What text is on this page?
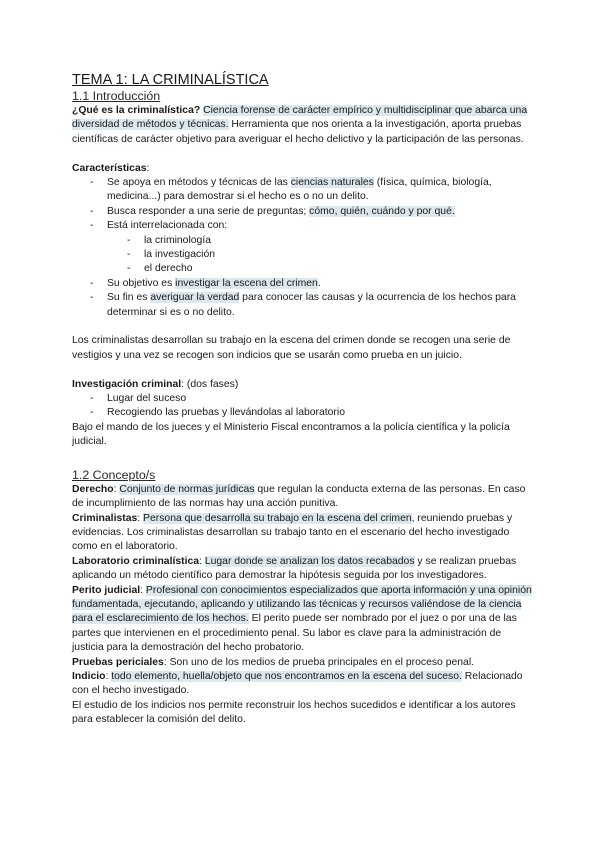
TEMA 1: LA CRIMINALÍSTICA
1.1 Introducción

¿Qué es la criminalística? Ciencia forense de carácter empírico y multidisciplinar que abarca una diversidad de métodos y técnicas. Herramienta que nos orienta a la investigación, aporta pruebas científicas de carácter objetivo para averiguar el hecho delictivo y la participación de las personas.

Características:

- Se apoya en métodos y técnicas de las ciencias naturales (física, química, biología, medicina...) para demostrar si el hecho es o no un delito.
- Busca responder a una serie de preguntas; cómo, quién, cuándo y por qué.
- Está interrelacionada con:
- la criminología
- la investigación
- el derecho
- Su objetivo es investigar la escena del crimen.
- Su fin es averiguar la verdad para conocer las causas y la ocurrencia de los hechos para determinar si es o no delito.

Los criminalistas desarrollan su trabajo en la escena del crimen donde se recogen una serie de vestigios y una vez se recogen son indicios que se usarán como prueba en un juicio.

Investigación criminal: (dos fases)

- Lugar del suceso
- Recogiendo las pruebas y llevándolas al laboratorio

Bajo el mando de los jueces y el Ministerio Fiscal encontramos a la policía científica y la policía judicial.

1.2 Concepto/s

Derecho: Conjunto de normas jurídicas que regulan la conducta externa de las personas. En caso de incumplimiento de las normas hay una acción punitiva.

Criminalistas: Persona que desarrolla su trabajo en la escena del crimen, reuniendo pruebas y evidencias. Los criminalistas desarrollan su trabajo tanto en el escenario del hecho investigado como en el laboratorio.

Laboratorio criminalística: Lugar donde se analizan los datos recabados y se realizan pruebas aplicando un método científico para demostrar la hipótesis seguida por los investigadores.

Perito judicial: Profesional con conocimientos especializados que aporta información y una opinión fundamentada, ejecutando, aplicando y utilizando las técnicas y recursos valiéndose de la ciencia para el esclarecimiento de los hechos. El perito puede ser nombrado por el juez o por una de las partes que intervienen en el procedimiento penal. Su labor es clave para la administración de justicia para la demostración del hecho probatorio.

Pruebas periciales: Son uno de los medios de prueba principales en el proceso penal.

Indicio: todo elemento, huella/objeto que nos encontramos en la escena del suceso. Relacionado con el hecho investigado.

El estudio de los indicios nos permite reconstruir los hechos sucedidos e identificar a los autores para establecer la comisión del delito.
